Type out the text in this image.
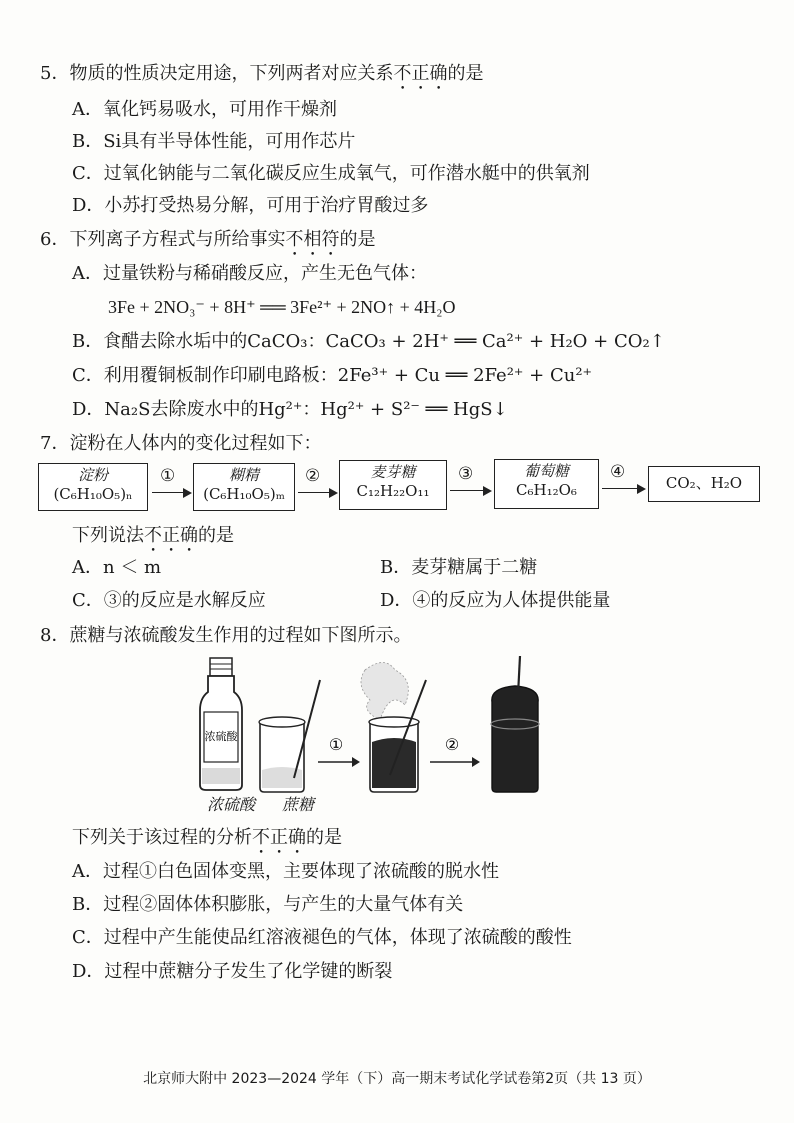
5．物质的性质决定用途，下列两者对应关系不正确的是
A．氧化钙易吸水，可用作干燥剂
B．Si具有半导体性能，可用作芯片
C．过氧化钠能与二氧化碳反应生成氧气，可作潜水艇中的供氧剂
D．小苏打受热易分解，可用于治疗胃酸过多
6．下列离子方程式与所给事实不相符的是
A．过量铁粉与稀硝酸反应，产生无色气体：
3Fe + 2NO₃⁻ + 8H⁺ ══ 3Fe²⁺ + 2NO↑ + 4H₂O
B．食醋去除水垢中的CaCO₃：CaCO₃ + 2H⁺ ══ Ca²⁺ + H₂O + CO₂↑
C．利用覆铜板制作印刷电路板：2Fe³⁺ + Cu ══ 2Fe²⁺ + Cu²⁺
D．Na₂S去除废水中的Hg²⁺：Hg²⁺ + S²⁻ ══ HgS↓
7．淀粉在人体内的变化过程如下：
淀粉
(C₆H₁₀O₅)ₙ
①	糊精
(C₆H₁₀O₅)ₘ
②	麦芽糖
C₁₂H₂₂O₁₁
③	葡萄糖
C₆H₁₂O₆
④
CO₂、H₂O
下列说法不正确的是
A．n ＜ m	B．麦芽糖属于二糖
C．③的反应是水解反应	D．④的反应为人体提供能量
8．蔗糖与浓硫酸发生作用的过程如下图所示。
浓硫酸	①	②
浓硫酸 蔗糖
下列关于该过程的分析不正确的是
A．过程①白色固体变黑，主要体现了浓硫酸的脱水性
B．过程②固体体积膨胀，与产生的大量气体有关
C．过程中产生能使品红溶液褪色的气体，体现了浓硫酸的酸性
D．过程中蔗糖分子发生了化学键的断裂
北京师大附中 2023—2024 学年（下）高一期末考试化学试卷第2页（共 13 页）
